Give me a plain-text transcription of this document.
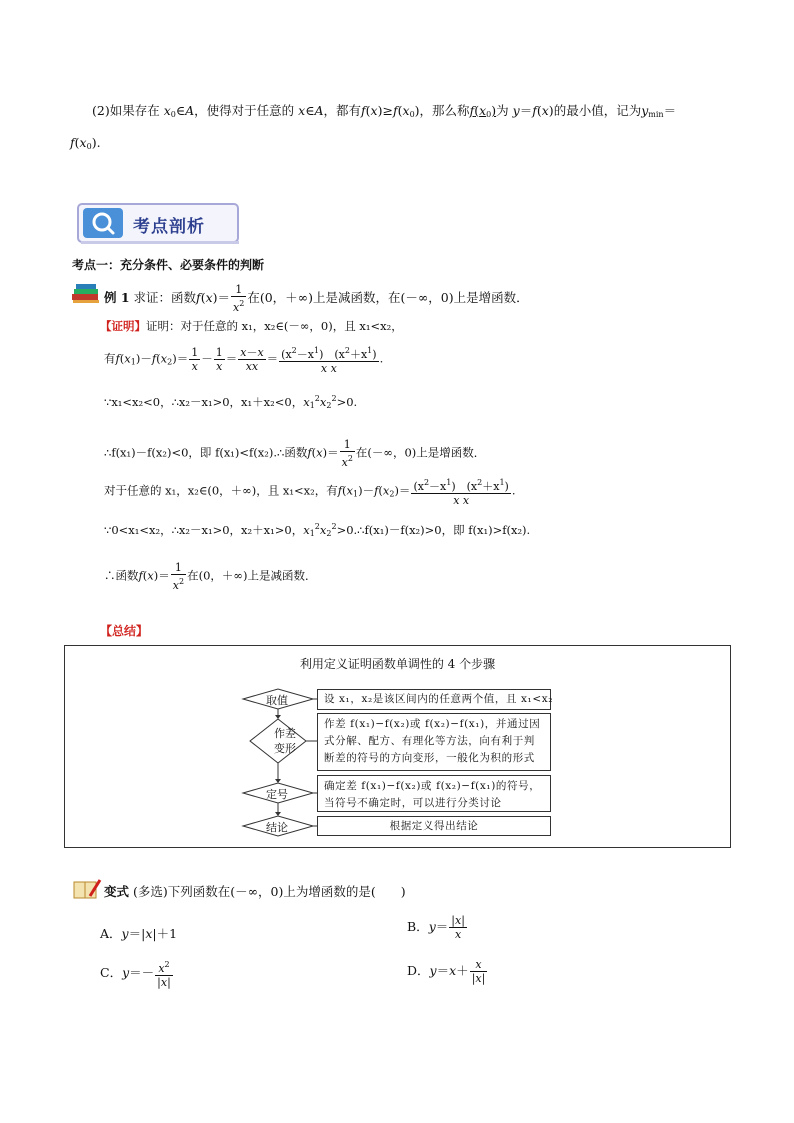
(2)如果存在 $x_0\in A$，使得对于任意的 x∈A，都有$f(x)\ge f(x_0)$，那么称$f(x_0)$为 y＝f(x)的最小值，记为$y_{min}=$
$f(x_0)$.
考点剖析
考点一：充分条件、必要条件的判断
例 1 求证：函数$f(x)= \frac{1}{x^2}$ 在(0，＋∞)上是减函数，在(－∞，0)上是增函数．
【证明】证明：对于任意的 x₁，x₂∈(－∞，0)，且 x₁<x₂，
有$f(x_1)-f(x_2)= \frac{1}{x} - \frac{1}{x} = \frac{x-x}{xx} = \frac{(x^2-x^1) (x^2+x^1)}{\text{x x}}$ .
∵x₁<x₂<0，∴x₂－x₁>0，x₁＋x₂<0，$x_1^2x_2^2>0$.
∴f(x₁)－f(x₂)<0，即 f(x₁)<f(x₂).∴函数$f(x)= \frac{1}{x^2}$ 在(－∞，0)上是增函数．
对于任意的 x₁，x₂∈(0，＋∞)，且 x₁<x₂，有$f(x_1)-f(x_2)= \frac{(x^2-x^1) (x^2+x^1)}{\text{x x}}$ .
∵0<x₁<x₂，∴x₂－x₁>0，x₂＋x₁>0，$x_1^2x_2^2>0.\therefore f(x_1)-f(x_2)>0$，即 f(x₁)>f(x₂).
∴函数$f(x)= \frac{1}{x^2}$ 在(0，＋∞)上是减函数．
【总结】
利用定义证明函数单调性的 4 个步骤
取值
作差变形
定号
结论
设 x₁，x₂是该区间内的任意两个值，且 x₁<x₂
作差 f(x₁)−f(x₂)或 f(x₂)−f(x₁)，并通过因式分解、配方、有理化等方法，向有利于判断差的符号的方向变形，一般化为积的形式
确定差 f(x₁)−f(x₂)或 f(x₂)−f(x₁)的符号，当符号不确定时，可以进行分类讨论
根据定义得出结论
变式 (多选)下列函数在(－∞，0)上为增函数的是(　　)
A．y＝|x|＋1	B．$y= \frac{|x|}{x}$
C．$y=- \frac{x^2}{|x|}$	D．$y=x+ \frac{x}{|x|}$
